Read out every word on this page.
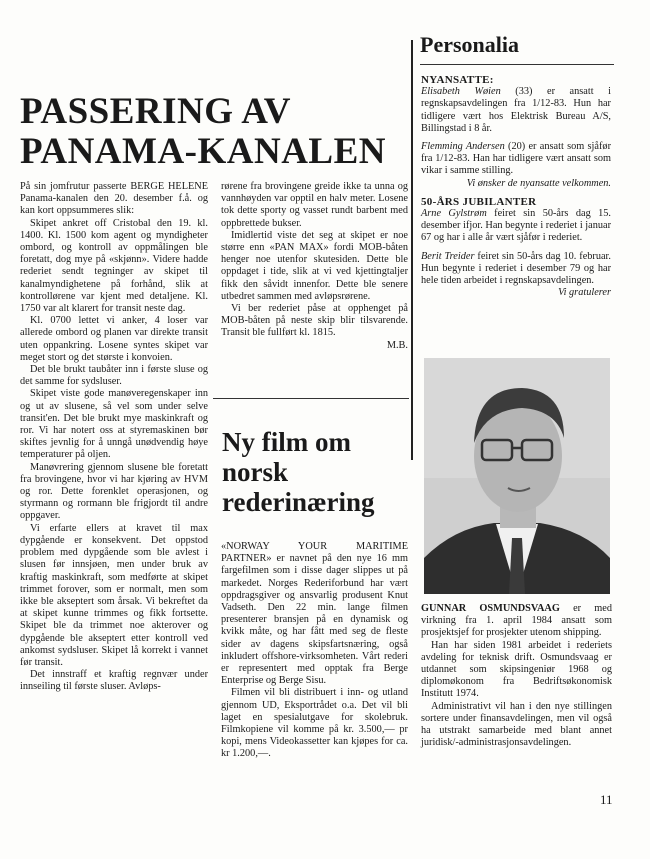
PASSERING AV
PANAMA-KANALEN

På sin jomfrutur passerte BERGE HELENE Panama-kanalen den 20. desember f.å. og kan kort oppsummeres slik:

Skipet ankret off Cristobal den 19. kl. 1400. Kl. 1500 kom agent og myndigheter ombord, og kontroll av oppmålingen ble foretatt, dog mye på «skjønn». Videre hadde rederiet sendt tegninger av skipet til kanalmyndighetene på forhånd, slik at kontrollørene var kjent med detaljene. Kl. 1750 var alt klarert for transit neste dag.

Kl. 0700 lettet vi anker, 4 loser var allerede ombord og planen var direkte transit uten oppankring. Losene syntes skipet var meget stort og det største i konvoien.

Det ble brukt taubåter inn i første sluse og det samme for sydsluser.

Skipet viste gode manøveregenskaper inn og ut av slusene, så vel som under selve transit'en. Det ble brukt mye maskinkraft og ror. Vi har notert oss at styremaskinen bør skiftes jevnlig for å unngå unødvendig høye temperaturer på oljen.

Manøvrering gjennom slusene ble foretatt fra brovingene, hvor vi har kjøring av HVM og ror. Dette forenklet operasjonen, og styrmann og rormann ble frigjordt til andre oppgaver.

Vi erfarte ellers at kravet til max dypgående er konsekvent. Det oppstod problem med dypgående som ble avlest i slusen før innsjøen, men under bruk av kraftig maskinkraft, som medførte at skipet trimmet forover, som er normalt, men som ikke ble akseptert som årsak. Vi bekreftet da at skipet kunne trimmes og fikk fortsette. Skipet ble da trimmet noe akterover og dypgående ble akseptert etter kontroll ved ankomst sydsluser. Skipet lå korrekt i vannet før transit.

Det innstraff et kraftig regnvær under innseiling til første sluser. Avløps-

rørene fra brovingene greide ikke ta unna og vannhøyden var opptil en halv meter. Losene tok dette sporty og vasset rundt barbent med oppbrettede bukser.

Imidlertid viste det seg at skipet er noe større enn «PAN MAX» fordi MOB-båten henger noe utenfor skutesiden. Dette ble oppdaget i tide, slik at vi ved kjettingtaljer fikk den såvidt innenfor. Dette ble senere utbedret sammen med avløpsrørene.

Vi ber rederiet påse at opphenget på MOB-båten på neste skip blir tilsvarende. Transit ble fullført kl. 1815.

M.B.

Ny film om
norsk
rederinæring

«NORWAY YOUR MARITIME PARTNER» er navnet på den nye 16 mm fargefilmen som i disse dager slippes ut på markedet. Norges Rederiforbund har vært oppdragsgiver og ansvarlig produsent Knut Vadseth. Den 22 min. lange filmen presenterer bransjen på en dynamisk og kvikk måte, og har fått med seg de fleste sider av dagens skipsfartsnæring, også inkludert offshore-virksomheten. Vårt rederi er representert med opptak fra Berge Enterprise og Berge Sisu.

Filmen vil bli distribuert i inn- og utland gjennom UD, Eksportrådet o.a. Det vil bli laget en spesialutgave for skolebruk. Filmkopiene vil komme på kr. 3.500,— pr kopi, mens Videokassetter kan kjøpes for ca. kr 1.200,—.

Personalia

NYANSATTE:

Elisabeth Wøien (33) er ansatt i regnskapsavdelingen fra 1/12-83. Hun har tidligere vært hos Elektrisk Bureau A/S, Billingstad i 8 år.

Flemming Andersen (20) er ansatt som sjåfør fra 1/12-83. Han har tidligere vært ansatt som vikar i samme stilling.

Vi ønsker de nyansatte velkommen.

50-ÅRS JUBILANTER

Arne Gylstrøm feiret sin 50-års dag 15. desember ifjor. Han begynte i rederiet i januar 67 og har i alle år vært sjåfør i rederiet.

Berit Treider feiret sin 50-års dag 10. februar. Hun begynte i rederiet i desember 79 og har hele tiden arbeidet i regnskapsavdelingen.

Vi gratulerer

GUNNAR OSMUNDSVAAG er med virkning fra 1. april 1984 ansatt som prosjektsjef for prosjekter utenom shipping.

Han har siden 1981 arbeidet i rederiets avdeling for teknisk drift. Osmundsvaag er utdannet som skipsingeniør 1968 og diplomøkonom fra Bedriftsøkonomisk Institutt 1974.

Administrativt vil han i den nye stillingen sortere under finansavdelingen, men vil også ha utstrakt samarbeide med blant annet juridisk/-administrasjonsavdelingen.

11
